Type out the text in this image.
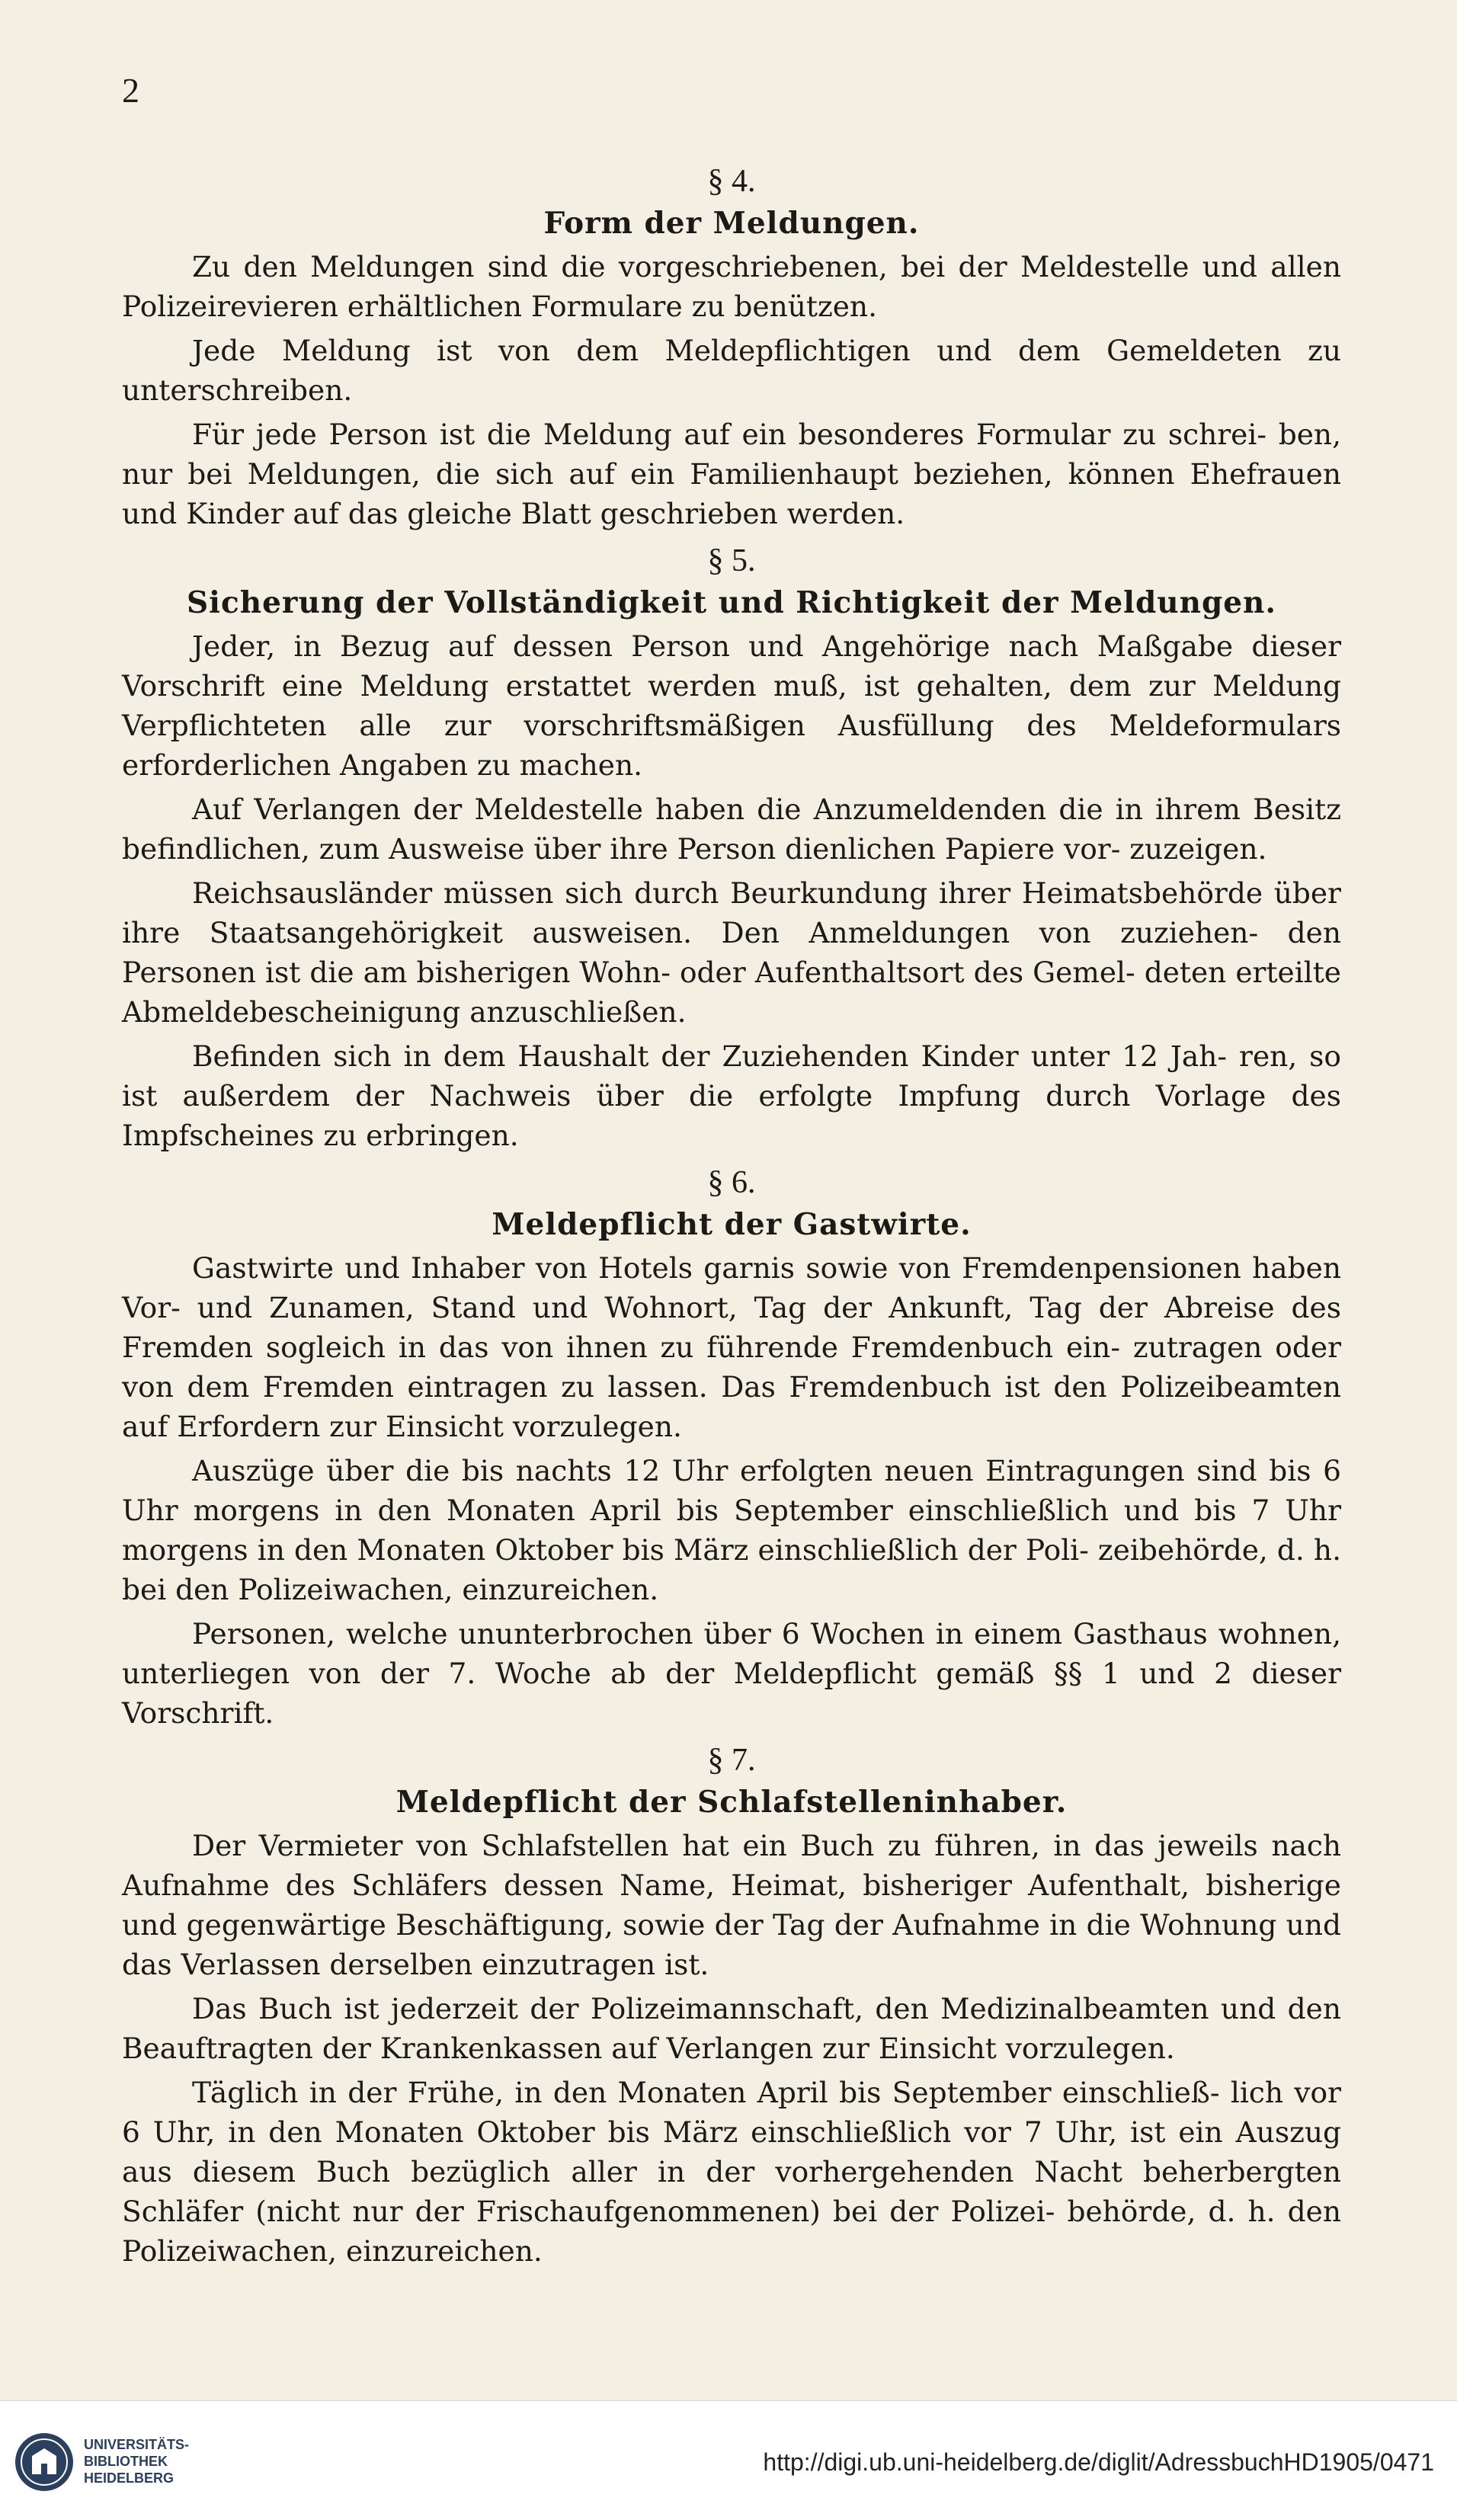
2

§ 4.

Form der Meldungen.

Zu den Meldungen sind die vorgeschriebenen, bei der Meldestelle und allen Polizeirevieren erhältlichen Formulare zu benützen.

Jede Meldung ist von dem Meldepflichtigen und dem Gemeldeten zu unterschreiben.

Für jede Person ist die Meldung auf ein besonderes Formular zu schrei- ben, nur bei Meldungen, die sich auf ein Familienhaupt beziehen, können Ehefrauen und Kinder auf das gleiche Blatt geschrieben werden.

§ 5.

Sicherung der Vollständigkeit und Richtigkeit der Meldungen.

Jeder, in Bezug auf dessen Person und Angehörige nach Maßgabe dieser Vorschrift eine Meldung erstattet werden muß, ist gehalten, dem zur Meldung Verpflichteten alle zur vorschriftsmäßigen Ausfüllung des Meldeformulars erforderlichen Angaben zu machen.

Auf Verlangen der Meldestelle haben die Anzumeldenden die in ihrem Besitz befindlichen, zum Ausweise über ihre Person dienlichen Papiere vor- zuzeigen.

Reichsausländer müssen sich durch Beurkundung ihrer Heimatsbehörde über ihre Staatsangehörigkeit ausweisen. Den Anmeldungen von zuziehen- den Personen ist die am bisherigen Wohn- oder Aufenthaltsort des Gemel- deten erteilte Abmeldebescheinigung anzuschließen.

Befinden sich in dem Haushalt der Zuziehenden Kinder unter 12 Jah- ren, so ist außerdem der Nachweis über die erfolgte Impfung durch Vorlage des Impfscheines zu erbringen.

§ 6.

Meldepflicht der Gastwirte.

Gastwirte und Inhaber von Hotels garnis sowie von Fremdenpensionen haben Vor- und Zunamen, Stand und Wohnort, Tag der Ankunft, Tag der Abreise des Fremden sogleich in das von ihnen zu führende Fremdenbuch ein- zutragen oder von dem Fremden eintragen zu lassen. Das Fremdenbuch ist den Polizeibeamten auf Erfordern zur Einsicht vorzulegen.

Auszüge über die bis nachts 12 Uhr erfolgten neuen Eintragungen sind bis 6 Uhr morgens in den Monaten April bis September einschließlich und bis 7 Uhr morgens in den Monaten Oktober bis März einschließlich der Poli- zeibehörde, d. h. bei den Polizeiwachen, einzureichen.

Personen, welche ununterbrochen über 6 Wochen in einem Gasthaus wohnen, unterliegen von der 7. Woche ab der Meldepflicht gemäß §§ 1 und 2 dieser Vorschrift.

§ 7.

Meldepflicht der Schlafstelleninhaber.

Der Vermieter von Schlafstellen hat ein Buch zu führen, in das jeweils nach Aufnahme des Schläfers dessen Name, Heimat, bisheriger Aufenthalt, bisherige und gegenwärtige Beschäftigung, sowie der Tag der Aufnahme in die Wohnung und das Verlassen derselben einzutragen ist.

Das Buch ist jederzeit der Polizeimannschaft, den Medizinalbeamten und den Beauftragten der Krankenkassen auf Verlangen zur Einsicht vorzulegen.

Täglich in der Frühe, in den Monaten April bis September einschließ- lich vor 6 Uhr, in den Monaten Oktober bis März einschließlich vor 7 Uhr, ist ein Auszug aus diesem Buch bezüglich aller in der vorhergehenden Nacht beherbergten Schläfer (nicht nur der Frischaufgenommenen) bei der Polizei- behörde, d. h. den Polizeiwachen, einzureichen.

UNIVERSITÄTS-
BIBLIOTHEK
HEIDELBERG
http://digi.ub.uni-heidelberg.de/diglit/AdressbuchHD1905/0471
